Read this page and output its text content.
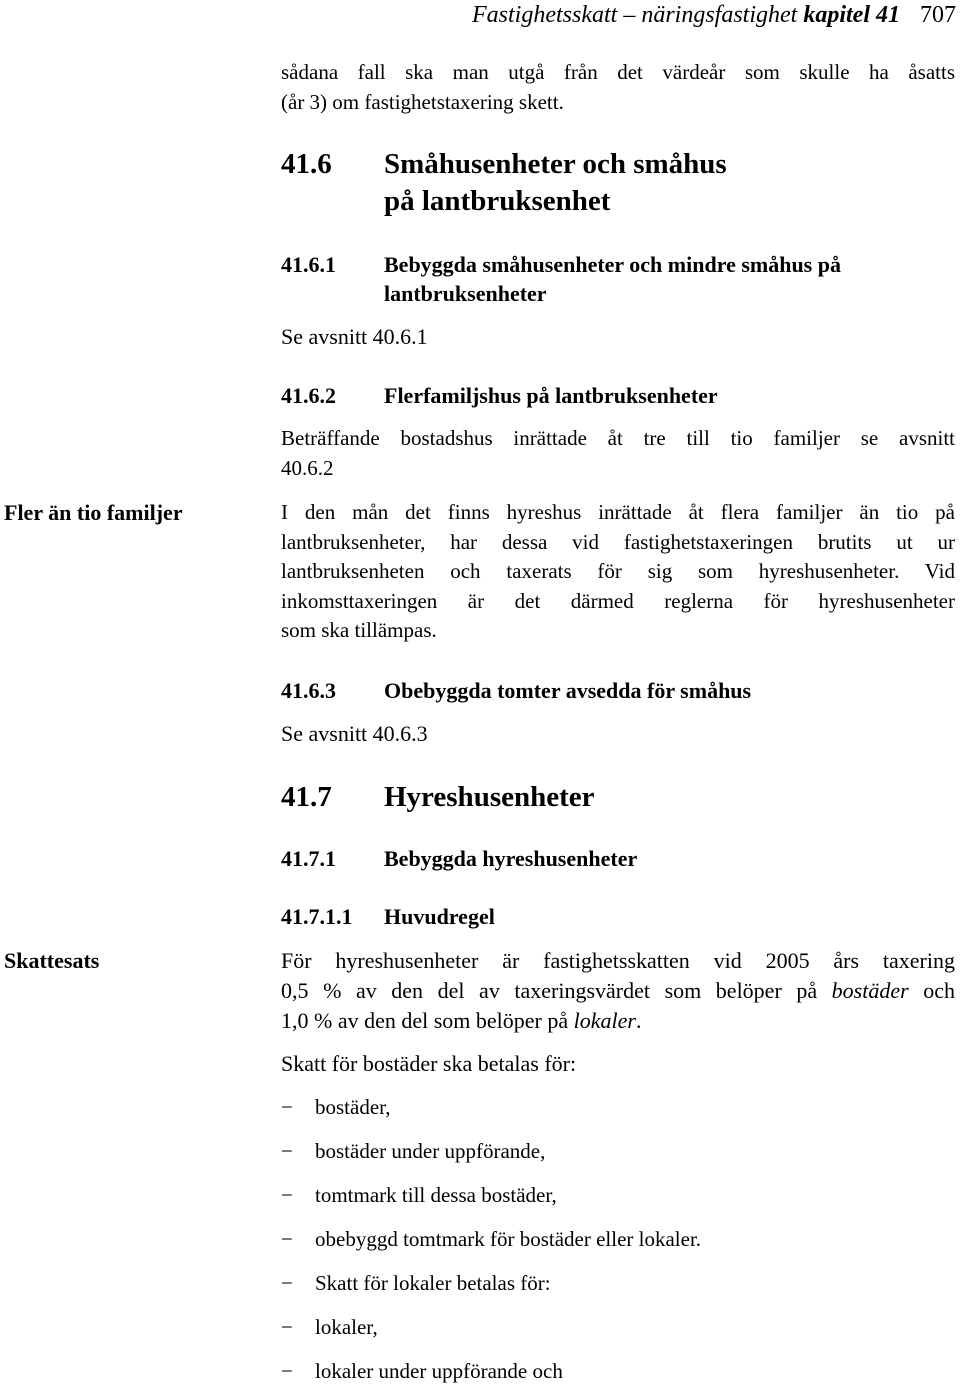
Fastighetsskatt – näringsfastighet kapitel 41 707
sådana fall ska man utgå från det värdeår som skulle ha åsatts
(år 3) om fastighetstaxering skett.
41.6 Småhusenheter och småhus
på lantbruksenhet
41.6.1 Bebyggda småhusenheter och mindre småhus på
lantbruksenheter
Se avsnitt 40.6.1
41.6.2 Flerfamiljshus på lantbruksenheter
Beträffande bostadshus inrättade åt tre till tio familjer se avsnitt
40.6.2
Fler än tio familjer	I den mån det finns hyreshus inrättade åt flera familjer än tio på
lantbruksenheter, har dessa vid fastighetstaxeringen brutits ut ur
lantbruksenheten och taxerats för sig som hyreshusenheter. Vid
inkomsttaxeringen är det därmed reglerna för hyreshusenheter
som ska tillämpas.
41.6.3 Obebyggda tomter avsedda för småhus
Se avsnitt 40.6.3
41.7 Hyreshusenheter
41.7.1 Bebyggda hyreshusenheter
41.7.1.1 Huvudregel
Skattesats	För hyreshusenheter är fastighetsskatten vid 2005 års taxering
0,5 % av den del av taxeringsvärdet som belöper på bostäder och
1,0 % av den del som belöper på lokaler.
Skatt för bostäder ska betalas för:
− bostäder,
− bostäder under uppförande,
− tomtmark till dessa bostäder,
− obebyggd tomtmark för bostäder eller lokaler.
− Skatt för lokaler betalas för:
− lokaler,
− lokaler under uppförande och
